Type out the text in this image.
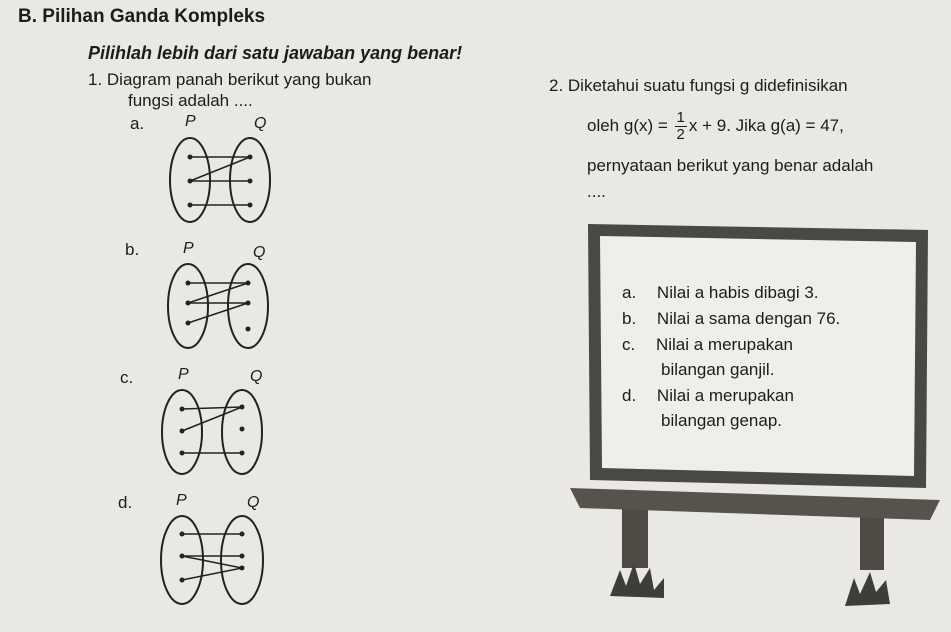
B. Pilihan Ganda Kompleks
Pilihlah lebih dari satu jawaban yang benar!
1. Diagram panah berikut yang bukan
fungsi adalah ....
a.	P	Q
b.	P	Q
c.	P	Q
d.	P	Q
2. Diketahui suatu fungsi g didefinisikan
oleh $g(x) = \frac{1}{2}$ x + 9. Jika g(a) = 47,
pernyataan berikut yang benar adalah
....
a. Nilai a habis dibagi 3.
b. Nilai a sama dengan 76.
c. Nilai a merupakan
bilangan ganjil.
d. Nilai a merupakan
bilangan genap.
